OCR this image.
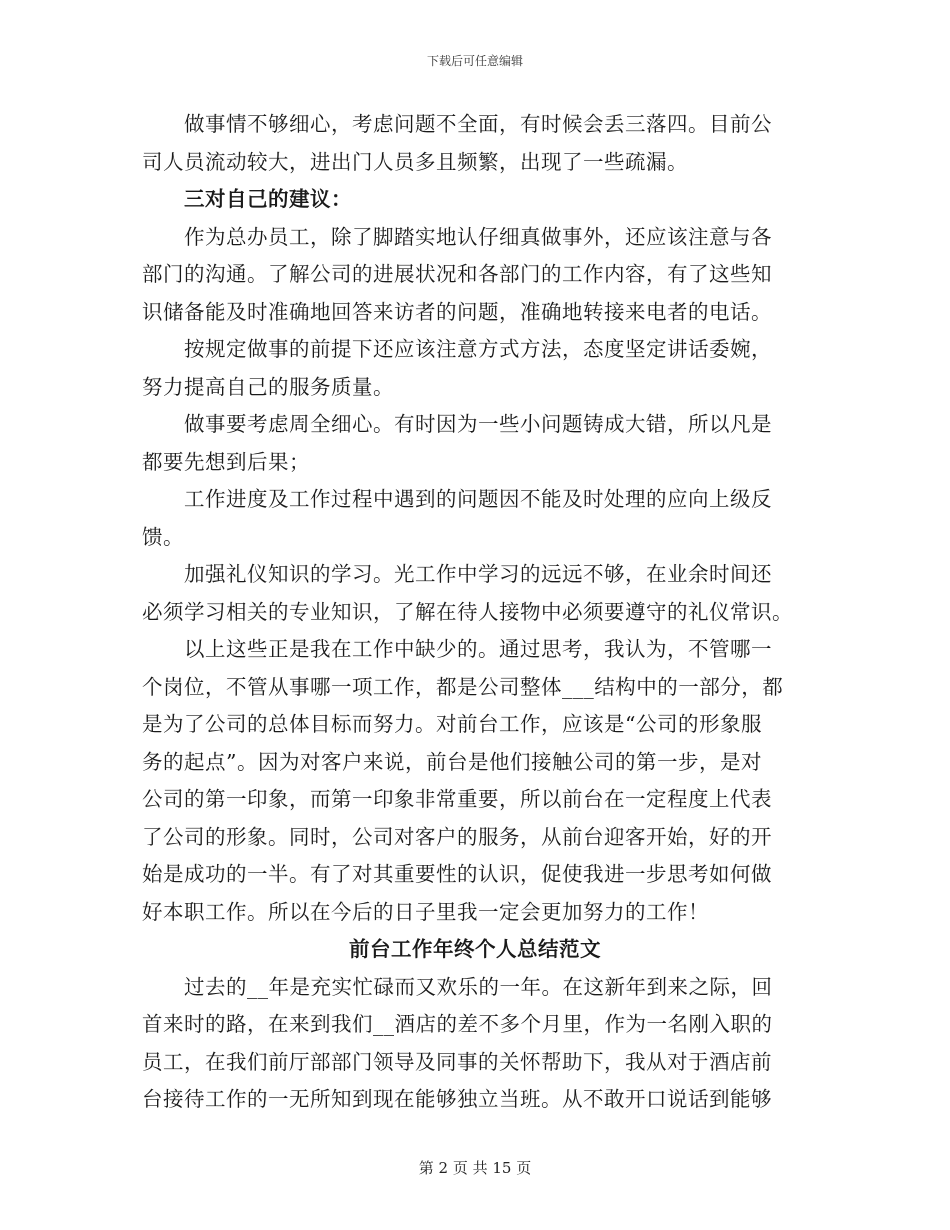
下载后可任意编辑
做事情不够细心，考虑问题不全面，有时候会丢三落四。目前公
司人员流动较大，进出门人员多且频繁，出现了一些疏漏。
三对自己的建议：
作为总办员工，除了脚踏实地认仔细真做事外，还应该注意与各
部门的沟通。了解公司的进展状况和各部门的工作内容，有了这些知
识储备能及时准确地回答来访者的问题，准确地转接来电者的电话。
按规定做事的前提下还应该注意方式方法，态度坚定讲话委婉，
努力提高自己的服务质量。
做事要考虑周全细心。有时因为一些小问题铸成大错，所以凡是
都要先想到后果；
工作进度及工作过程中遇到的问题因不能及时处理的应向上级反
馈。
加强礼仪知识的学习。光工作中学习的远远不够，在业余时间还
必须学习相关的专业知识，了解在待人接物中必须要遵守的礼仪常识。
以上这些正是我在工作中缺少的。通过思考，我认为，不管哪一
个岗位，不管从事哪一项工作，都是公司整体___结构中的一部分，都
是为了公司的总体目标而努力。对前台工作，应该是“公司的形象服
务的起点”。因为对客户来说，前台是他们接触公司的第一步，是对
公司的第一印象，而第一印象非常重要，所以前台在一定程度上代表
了公司的形象。同时，公司对客户的服务，从前台迎客开始，好的开
始是成功的一半。有了对其重要性的认识，促使我进一步思考如何做
好本职工作。所以在今后的日子里我一定会更加努力的工作！
前台工作年终个人总结范文
过去的__年是充实忙碌而又欢乐的一年。在这新年到来之际，回
首来时的路，在来到我们__酒店的差不多个月里，作为一名刚入职的
员工，在我们前厅部部门领导及同事的关怀帮助下，我从对于酒店前
台接待工作的一无所知到现在能够独立当班。从不敢开口说话到能够
第 2 页 共 15 页
